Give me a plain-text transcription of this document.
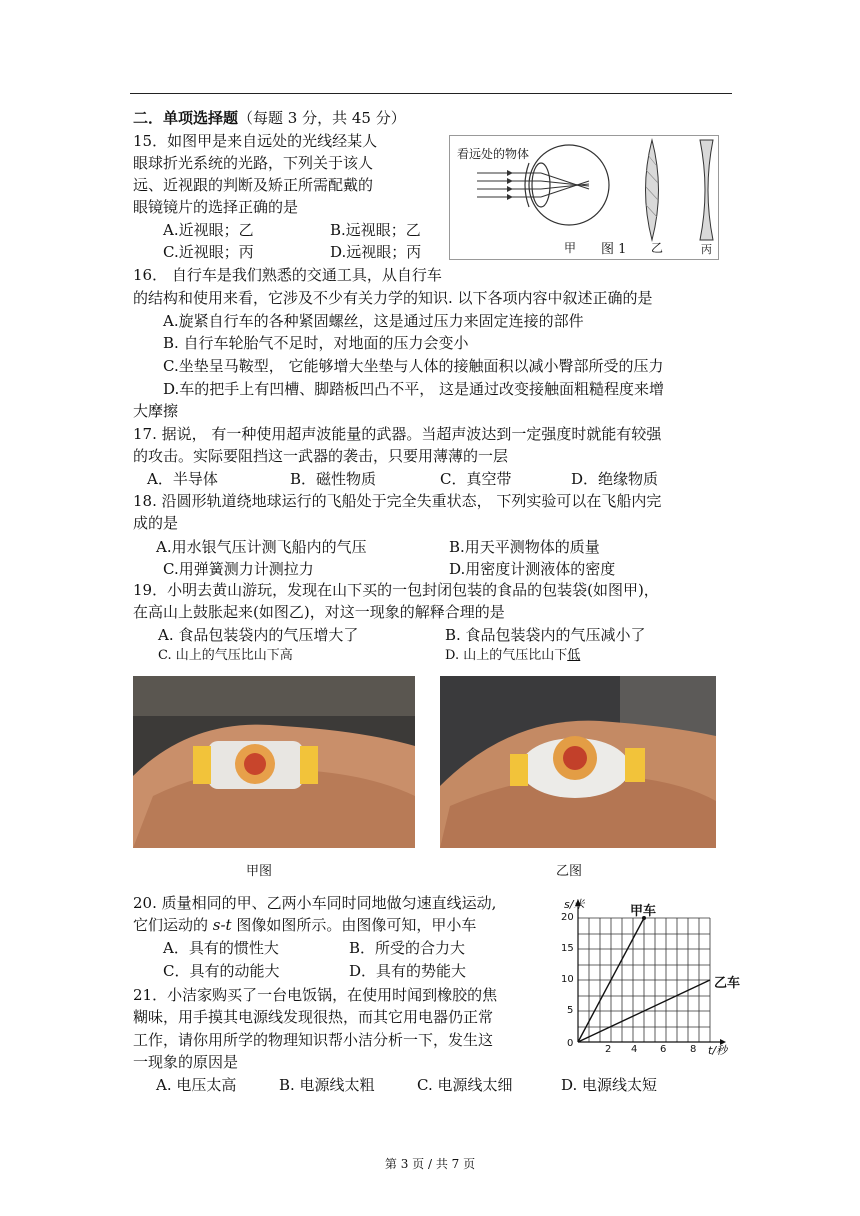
二．单项选择题（每题 3 分，共 45 分）
15．如图甲是来自远处的光线经某人
眼球折光系统的光路，下列关于该人
远、近视跟的判断及矫正所需配戴的
眼镜镜片的选择正确的是
A.近视眼；乙	B.远视眼；乙
C.近视眼；丙	D.远视眼；丙
看远处的物体
甲 图 1 乙	丙
16． 自行车是我们熟悉的交通工具，从自行车
的结构和使用来看，它涉及不少有关力学的知识. 以下各项内容中叙述正确的是
A.旋紧自行车的各种紧固螺丝，这是通过压力来固定连接的部件
B. 自行车轮胎气不足时，对地面的压力会变小
C.坐垫呈马鞍型， 它能够增大坐垫与人体的接触面积以减小臀部所受的压力
D.车的把手上有凹槽、脚踏板凹凸不平， 这是通过改变接触面粗糙程度来增
大摩擦
17. 据说， 有一种使用超声波能量的武器。当超声波达到一定强度时就能有较强
的攻击。实际要阻挡这一武器的袭击，只要用薄薄的一层
A．半导体	B．磁性物质	C．真空带	D．绝缘物质
18. 沿圆形轨道绕地球运行的飞船处于完全失重状态， 下列实验可以在飞船内完
成的是
A.用水银气压计测飞船内的气压	B.用天平测物体的质量
C.用弹簧测力计测拉力	D.用密度计测液体的密度
19．小明去黄山游玩，发现在山下买的一包封闭包装的食品的包装袋(如图甲)，
在高山上鼓胀起来(如图乙)，对这一现象的解释合理的是
A. 食品包装袋内的气压增大了	B. 食品包装袋内的气压减小了
C. 山上的气压比山下高	D. 山上的气压比山下低
甲图	乙图
20. 质量相同的甲、乙两小车同时同地做匀速直线运动,
它们运动的 s-t 图像如图所示。由图像可知，甲小车
A．具有的惯性大	B．所受的合力大
C．具有的动能大	D．具有的势能大
s/米
t/秒
甲车
乙车
20
15
10
5
0
2 4 6 8
21．小洁家购买了一台电饭锅，在使用时闻到橡胶的焦
糊味，用手摸其电源线发现很热，而其它用电器仍正常
工作，请你用所学的物理知识帮小洁分析一下，发生这
一现象的原因是
A. 电压太高	B. 电源线太粗	C. 电源线太细	D. 电源线太短
第 3 页 / 共 7 页
